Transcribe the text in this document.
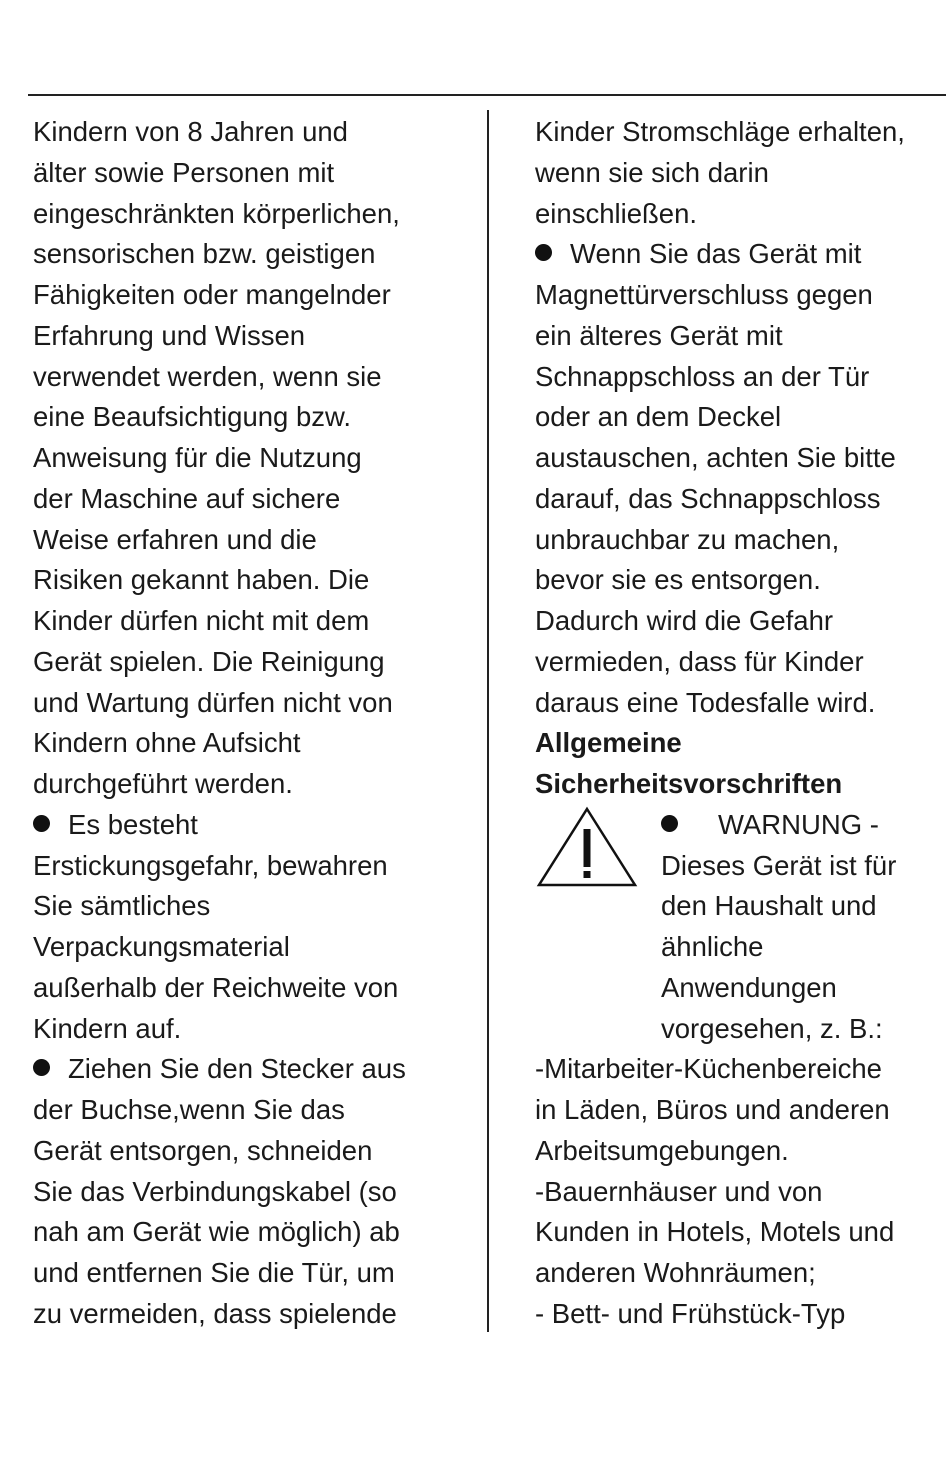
Kindern von 8 Jahren und
älter sowie Personen mit
eingeschränkten körperlichen,
sensorischen bzw. geistigen
Fähigkeiten oder mangelnder
Erfahrung und Wissen
verwendet werden, wenn sie
eine Beaufsichtigung bzw.
Anweisung für die Nutzung
der Maschine auf sichere
Weise erfahren und die
Risiken gekannt haben. Die
Kinder dürfen nicht mit dem
Gerät spielen. Die Reinigung
und Wartung dürfen nicht von
Kindern ohne Aufsicht
durchgeführt werden.
Es besteht
Erstickungsgefahr, bewahren
Sie sämtliches
Verpackungsmaterial
außerhalb der Reichweite von
Kindern auf.
Ziehen Sie den Stecker aus
der Buchse,wenn Sie das
Gerät entsorgen, schneiden
Sie das Verbindungskabel (so
nah am Gerät wie möglich) ab
und entfernen Sie die Tür, um
zu vermeiden, dass spielende
Kinder Stromschläge erhalten,
wenn sie sich darin
einschließen.
Wenn Sie das Gerät mit
Magnettürverschluss gegen
ein älteres Gerät mit
Schnappschloss an der Tür
oder an dem Deckel
austauschen, achten Sie bitte
darauf, das Schnappschloss
unbrauchbar zu machen,
bevor sie es entsorgen.
Dadurch wird die Gefahr
vermieden, dass für Kinder
daraus eine Todesfalle wird.
Allgemeine
Sicherheitsvorschriften
WARNUNG -
Dieses Gerät ist für
den Haushalt und
ähnliche
Anwendungen
vorgesehen, z. B.:
-Mitarbeiter-Küchenbereiche
in Läden, Büros und anderen
Arbeitsumgebungen.
-Bauernhäuser und von
Kunden in Hotels, Motels und
anderen Wohnräumen;
- Bett- und Frühstück-Typ
